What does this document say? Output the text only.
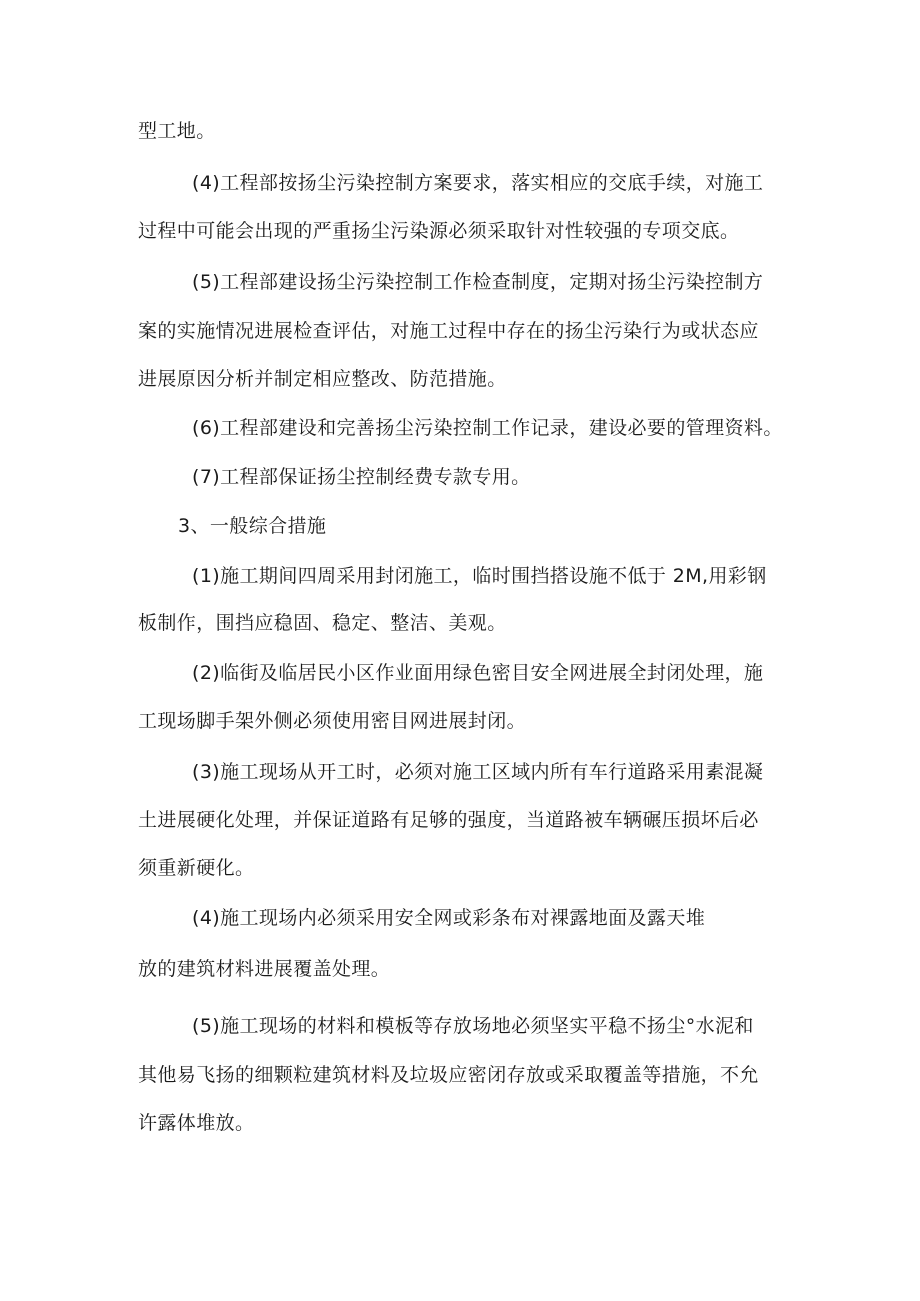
型工地。
(4)工程部按扬尘污染控制方案要求，落实相应的交底手续，对施工
过程中可能会出现的严重扬尘污染源必须采取针对性较强的专项交底。
(5)工程部建设扬尘污染控制工作检查制度，定期对扬尘污染控制方
案的实施情况进展检查评估，对施工过程中存在的扬尘污染行为或状态应
进展原因分析并制定相应整改、防范措施。
(6)工程部建设和完善扬尘污染控制工作记录，建设必要的管理资料。
(7)工程部保证扬尘控制经费专款专用。
3、一般综合措施
(1)施工期间四周采用封闭施工，临时围挡搭设施不低于 2M,用彩钢
板制作，围挡应稳固、稳定、整洁、美观。
(2)临街及临居民小区作业面用绿色密目安全网进展全封闭处理，施
工现场脚手架外侧必须使用密目网进展封闭。
(3)施工现场从开工时，必须对施工区域内所有车行道路采用素混凝
土进展硬化处理，并保证道路有足够的强度，当道路被车辆碾压损坏后必
须重新硬化。
(4)施工现场内必须采用安全网或彩条布对裸露地面及露天堆
放的建筑材料进展覆盖处理。
(5)施工现场的材料和模板等存放场地必须坚实平稳不扬尘°水泥和
其他易飞扬的细颗粒建筑材料及垃圾应密闭存放或采取覆盖等措施，不允
许露体堆放。
